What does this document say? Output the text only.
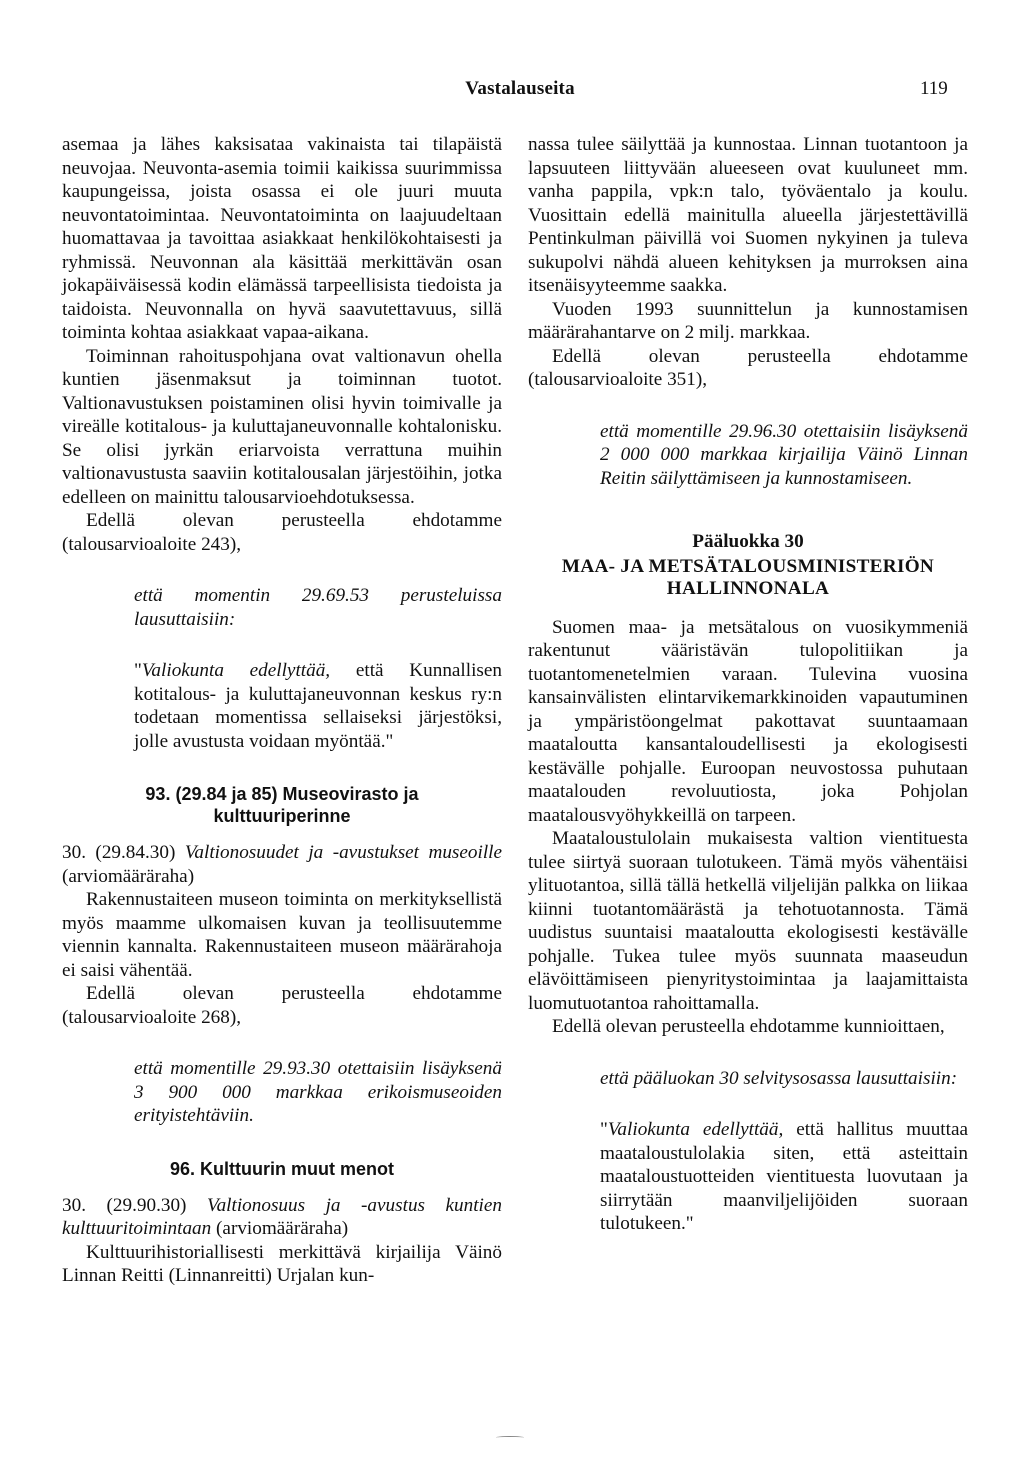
Vastalauseita	119

asemaa ja lähes kaksisataa vakinaista tai tilapäistä neuvojaa. Neuvonta-asemia toimii kaikissa suurimmissa kaupungeissa, joista osassa ei ole juuri muuta neuvontatoimintaa. Neuvontatoiminta on laajuudeltaan huomattavaa ja tavoittaa asiakkaat henkilökohtaisesti ja ryhmissä. Neuvonnan ala käsittää merkittävän osan jokapäiväisessä kodin elämässä tarpeellisista tiedoista ja taidoista. Neuvonnalla on hyvä saavutettavuus, sillä toiminta kohtaa asiakkaat vapaa-aikana.

Toiminnan rahoituspohjana ovat valtionavun ohella kuntien jäsenmaksut ja toiminnan tuotot. Valtionavustuksen poistaminen olisi hyvin toimivalle ja vireälle kotitalous- ja kuluttajaneuvonnalle kohtalonisku. Se olisi jyrkän eriarvoista verrattuna muihin valtionavustusta saaviin kotitalousalan järjestöihin, jotka edelleen on mainittu talousarvioehdotuksessa.

Edellä olevan perusteella ehdotamme (talousarvioaloite 243),

että momentin 29.69.53 perusteluissa lausuttaisiin:

"Valiokunta edellyttää, että Kunnallisen kotitalous- ja kuluttajaneuvonnan keskus ry:n todetaan momentissa sellaiseksi järjestöksi, jolle avustusta voidaan myöntää."

93. (29.84 ja 85) Museovirasto ja kulttuuriperinne

30. (29.84.30) Valtionosuudet ja -avustukset museoille (arviomääräraha)

Rakennustaiteen museon toiminta on merkityksellistä myös maamme ulkomaisen kuvan ja teollisuutemme viennin kannalta. Rakennustaiteen museon määrärahoja ei saisi vähentää.

Edellä olevan perusteella ehdotamme (talousarvioaloite 268),

että momentille 29.93.30 otettaisiin lisäyksenä 3 900 000 markkaa erikoismuseoiden erityistehtäviin.

96. Kulttuurin muut menot

30. (29.90.30) Valtionosuus ja -avustus kuntien kulttuuritoimintaan (arviomääräraha)

Kulttuurihistoriallisesti merkittävä kirjailija Väinö Linnan Reitti (Linnanreitti) Urjalan kun-

nassa tulee säilyttää ja kunnostaa. Linnan tuotantoon ja lapsuuteen liittyvään alueeseen ovat kuuluneet mm. vanha pappila, vpk:n talo, työväentalo ja koulu. Vuosittain edellä mainitulla alueella järjestettävillä Pentinkulman päivillä voi Suomen nykyinen ja tuleva sukupolvi nähdä alueen kehityksen ja murroksen aina itsenäisyyteemme saakka.

Vuoden 1993 suunnittelun ja kunnostamisen määrärahantarve on 2 milj. markkaa.

Edellä olevan perusteella ehdotamme (talousarvioaloite 351),

että momentille 29.96.30 otettaisiin lisäyksenä 2 000 000 markkaa kirjailija Väinö Linnan Reitin säilyttämiseen ja kunnostamiseen.

Pääluokka 30
MAA- JA METSÄTALOUSMINISTERIÖN HALLINNONALA

Suomen maa- ja metsätalous on vuosikymmeniä rakentunut vääristävän tulopolitiikan ja tuotantomenetelmien varaan. Tulevina vuosina kansainvälisten elintarvikemarkkinoiden vapautuminen ja ympäristöongelmat pakottavat suuntaamaan maataloutta kansantaloudellisesti ja ekologisesti kestävälle pohjalle. Euroopan neuvostossa puhutaan maatalouden revoluutiosta, joka Pohjolan maatalousvyöhykkeillä on tarpeen.

Maataloustulolain mukaisesta valtion vientituesta tulee siirtyä suoraan tulotukeen. Tämä myös vähentäisi ylituotantoa, sillä tällä hetkellä viljelijän palkka on liikaa kiinni tuotantomäärästä ja tehotuotannosta. Tämä uudistus suuntaisi maataloutta ekologisesti kestävälle pohjalle. Tukea tulee myös suunnata maaseudun elävöittämiseen pienyritystoimintaa ja laajamittaista luomutuotantoa rahoittamalla.

Edellä olevan perusteella ehdotamme kunnioittaen,

että pääluokan 30 selvitysosassa lausuttaisiin:

"Valiokunta edellyttää, että hallitus muuttaa maataloustulolakia siten, että asteittain maataloustuotteiden vientituesta luovutaan ja siirrytään maanviljelijöiden suoraan tulotukeen."
